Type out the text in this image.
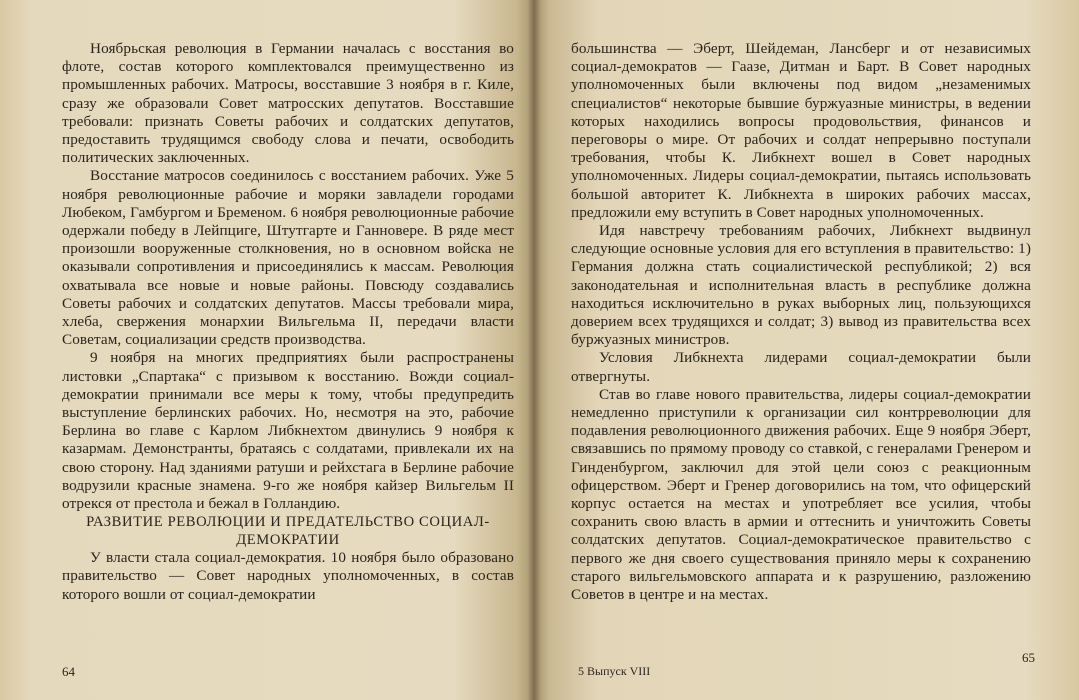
Ноябрьская революция в Германии началась с восстания во флоте, состав которого комплектовался преимущественно из промышленных рабочих. Матросы, восставшие 3 ноября в г. Киле, сразу же образовали Совет матросских депутатов. Восставшие требовали: признать Советы рабочих и солдатских депутатов, предоставить трудящимся свободу слова и печати, освободить политических заключенных.

Восстание матросов соединилось с восстанием рабочих. Уже 5 ноября революционные рабочие и моряки завладели городами Любеком, Гамбургом и Бременом. 6 ноября революционные рабочие одержали победу в Лейпциге, Штутгарте и Ганновере. В ряде мест произошли вооруженные столкновения, но в основном войска не оказывали сопротивления и присоединялись к массам. Революция охватывала все новые и новые районы. Повсюду создавались Советы рабочих и солдатских депутатов. Массы требовали мира, хлеба, свержения монархии Вильгельма II, передачи власти Советам, социализации средств производства.

9 ноября на многих предприятиях были распространены листовки „Спартака“ с призывом к восстанию. Вожди социал-демократии принимали все меры к тому, чтобы предупредить выступление берлинских рабочих. Но, несмотря на это, рабочие Берлина во главе с Карлом Либкнехтом двинулись 9 ноября к казармам. Демонстранты, братаясь с солдатами, привлекали их на свою сторону. Над зданиями ратуши и рейхстага в Берлине рабочие водрузили красные знамена. 9-го же ноября кайзер Вильгельм II отрекся от престола и бежал в Голландию.

РАЗВИТИЕ РЕВОЛЮЦИИ И ПРЕДАТЕЛЬСТВО СОЦИАЛ-ДЕМОКРАТИИ

У власти стала социал-демократия. 10 ноября было образовано правительство — Совет народных уполномоченных, в состав которого вошли от социал-демократии

64

большинства — Эберт, Шейдеман, Лансберг и от независимых социал-демократов — Гаазе, Дитман и Барт. В Совет народных уполномоченных были включены под видом „незаменимых специалистов“ некоторые бывшие буржуазные министры, в ведении которых находились вопросы продовольствия, финансов и переговоры о мире. От рабочих и солдат непрерывно поступали требования, чтобы К. Либкнехт вошел в Совет народных уполномоченных. Лидеры социал-демократии, пытаясь использовать большой авторитет К. Либкнехта в широких рабочих массах, предложили ему вступить в Совет народных уполномоченных.

Идя навстречу требованиям рабочих, Либкнехт выдвинул следующие основные условия для его вступления в правительство: 1) Германия должна стать социалистической республикой; 2) вся законодательная и исполнительная власть в республике должна находиться исключительно в руках выборных лиц, пользующихся доверием всех трудящихся и солдат; 3) вывод из правительства всех буржуазных министров.

Условия Либкнехта лидерами социал-демократии были отвергнуты.

Став во главе нового правительства, лидеры социал-демократии немедленно приступили к организации сил контрреволюции для подавления революционного движения рабочих. Еще 9 ноября Эберт, связавшись по прямому проводу со ставкой, с генералами Гренером и Гинденбургом, заключил для этой цели союз с реакционным офицерством. Эберт и Гренер договорились на том, что офицерский корпус остается на местах и употребляет все усилия, чтобы сохранить свою власть в армии и оттеснить и уничтожить Советы солдатских депутатов. Социал-демократическое правительство с первого же дня своего существования приняло меры к сохранению старого вильгельмовского аппарата и к разрушению, разложению Советов в центре и на местах.

5 Выпуск VIII
65
